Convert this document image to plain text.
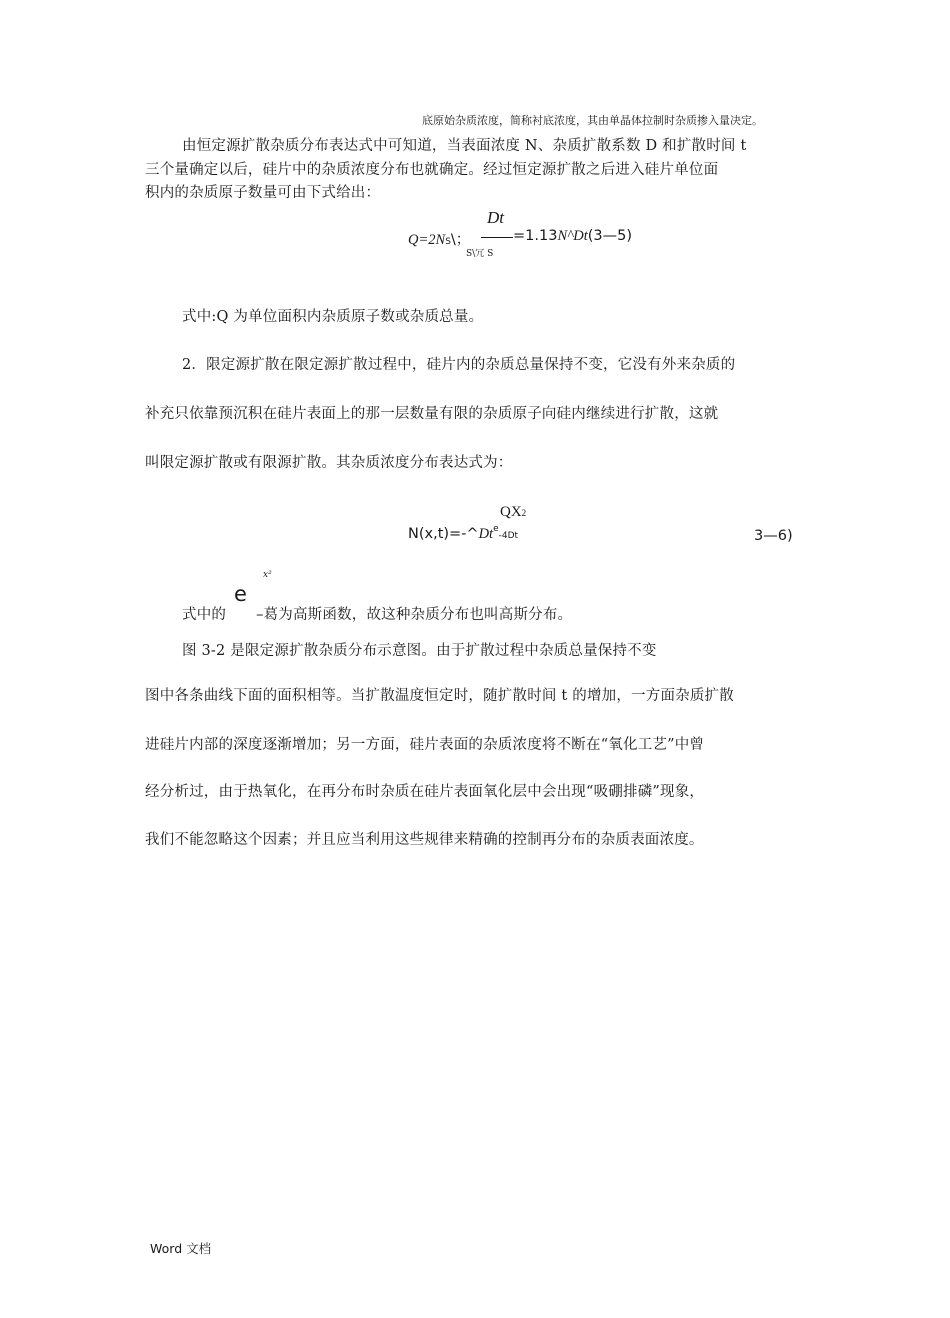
底原始杂质浓度，简称衬底浓度，其由单晶体拉制时杂质掺入量决定。
由恒定源扩散杂质分布表达式中可知道，当表面浓度 N、杂质扩散系数 D 和扩散时间 t
三个量确定以后，硅片中的杂质浓度分布也就确定。经过恒定源扩散之后进入硅片单位面
积内的杂质原子数量可由下式给出：
Dt
Q=2NS\；
S\冗 S
=1.13N^Dt(3—5)
式中:Q 为单位面积内杂质原子数或杂质总量。
2．限定源扩散在限定源扩散过程中，硅片内的杂质总量保持不变，它没有外来杂质的
补充只依靠预沉积在硅片表面上的那一层数量有限的杂质原子向硅内继续进行扩散，这就
叫限定源扩散或有限源扩散。其杂质浓度分布表达式为：
QX2
$N(x,t)=-\^{}Dt^e-4Dt$	3—6)
x²
e
式中的 –葛为高斯函数，故这种杂质分布也叫高斯分布。
图 3-2 是限定源扩散杂质分布示意图。由于扩散过程中杂质总量保持不变
图中各条曲线下面的面积相等。当扩散温度恒定时，随扩散时间 t 的增加，一方面杂质扩散
进硅片内部的深度逐渐增加；另一方面，硅片表面的杂质浓度将不断在“氧化工艺”中曾
经分析过，由于热氧化，在再分布时杂质在硅片表面氧化层中会出现“吸硼排磷”现象，
我们不能忽略这个因素；并且应当利用这些规律来精确的控制再分布的杂质表面浓度。
Word 文档
